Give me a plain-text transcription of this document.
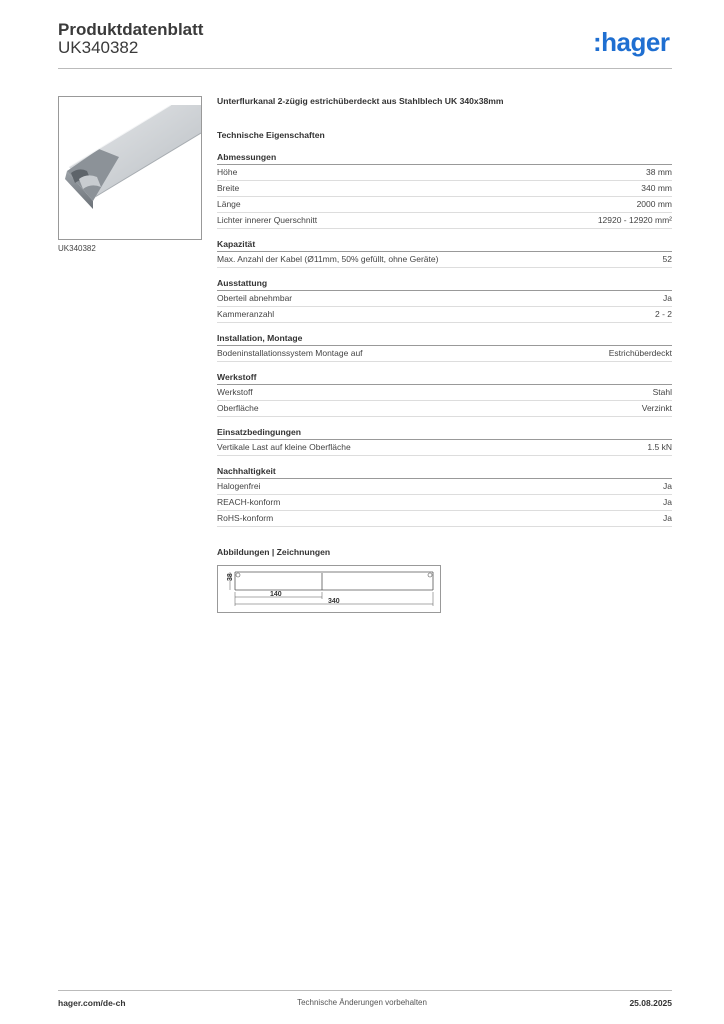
Produktdatenblatt
UK340382	:hager
UK340382
Unterflurkanal 2-zügig estrichüberdeckt aus Stahlblech UK 340x38mm
Technische Eigenschaften
Abmessungen
Höhe	38 mm
Breite	340 mm
Länge	2000 mm
Lichter innerer Querschnitt	12920 - 12920 mm²
Kapazität
Max. Anzahl der Kabel (Ø11mm, 50% gefüllt, ohne Geräte)	52
Ausstattung
Oberteil abnehmbar	Ja
Kammeranzahl	2 - 2
Installation, Montage
Bodeninstallationssystem Montage auf	Estrichüberdeckt
Werkstoff
Werkstoff	Stahl
Oberfläche	Verzinkt
Einsatzbedingungen
Vertikale Last auf kleine Oberfläche	1.5 kN
Nachhaltigkeit
Halogenfrei	Ja
REACH-konform	Ja
RoHS-konform	Ja
Abbildungen | Zeichnungen
38
140
340
hager.com/de-ch	Technische Änderungen vorbehalten	25.08.2025
